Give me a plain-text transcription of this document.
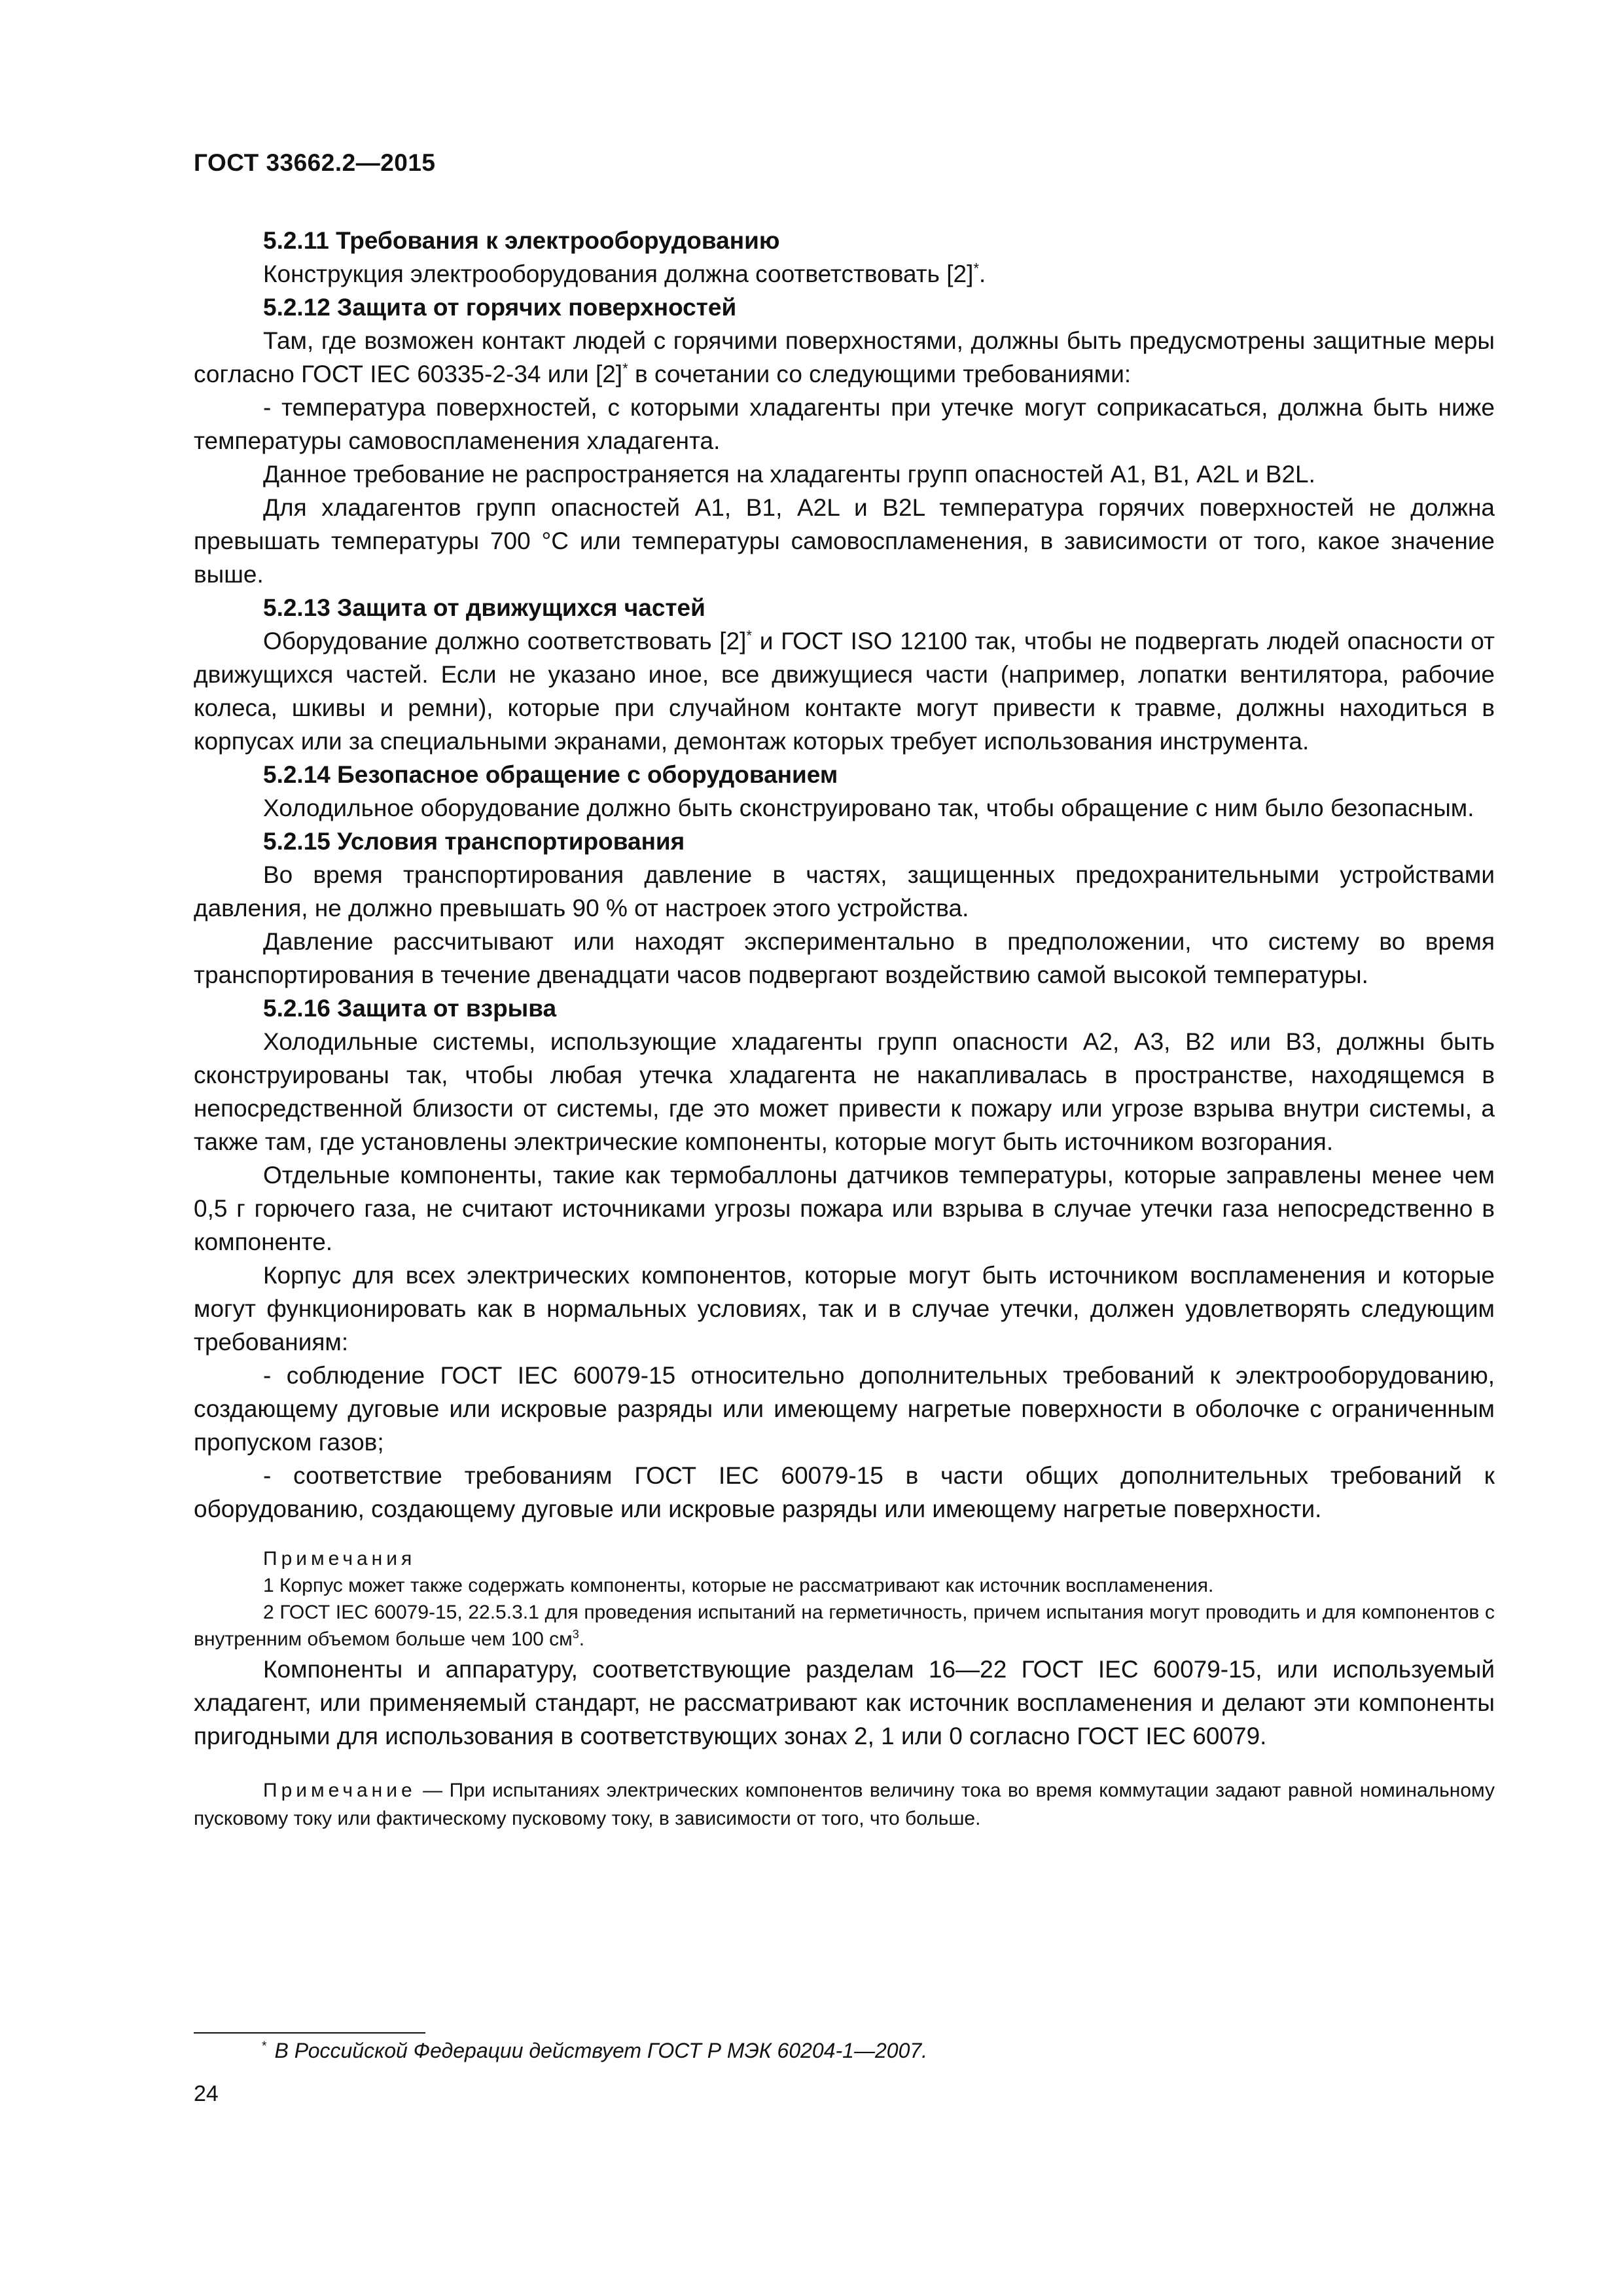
ГОСТ 33662.2—2015

5.2.11 Требования к электрооборудованию

Конструкция электрооборудования должна соответствовать [2]*.

5.2.12 Защита от горячих поверхностей

Там, где возможен контакт людей с горячими поверхностями, должны быть предусмотрены защитные меры согласно ГОСТ IEC 60335-2-34 или [2]* в сочетании со следующими требованиями:

- температура поверхностей, с которыми хладагенты при утечке могут соприкасаться, должна быть ниже температуры самовоспламенения хладагента.

Данное требование не распространяется на хладагенты групп опасностей А1, В1, А2L и В2L.

Для хладагентов групп опасностей А1, В1, А2L и В2L температура горячих поверхностей не должна превышать температуры 700 °С или температуры самовоспламенения, в зависимости от того, какое значение выше.

5.2.13 Защита от движущихся частей

Оборудование должно соответствовать [2]* и ГОСТ ISO 12100 так, чтобы не подвергать людей опасности от движущихся частей. Если не указано иное, все движущиеся части (например, лопатки вентилятора, рабочие колеса, шкивы и ремни), которые при случайном контакте могут привести к травме, должны находиться в корпусах или за специальными экранами, демонтаж которых требует использования инструмента.

5.2.14 Безопасное обращение с оборудованием

Холодильное оборудование должно быть сконструировано так, чтобы обращение с ним было безопасным.

5.2.15 Условия транспортирования

Во время транспортирования давление в частях, защищенных предохранительными устройствами давления, не должно превышать 90 % от настроек этого устройства.

Давление рассчитывают или находят экспериментально в предположении, что систему во время транспортирования в течение двенадцати часов подвергают воздействию самой высокой температуры.

5.2.16 Защита от взрыва

Холодильные системы, использующие хладагенты групп опасности А2, А3, В2 или В3, должны быть сконструированы так, чтобы любая утечка хладагента не накапливалась в пространстве, находящемся в непосредственной близости от системы, где это может привести к пожару или угрозе взрыва внутри системы, а также там, где установлены электрические компоненты, которые могут быть источником возгорания.

Отдельные компоненты, такие как термобаллоны датчиков температуры, которые заправлены менее чем 0,5 г горючего газа, не считают источниками угрозы пожара или взрыва в случае утечки газа непосредственно в компоненте.

Корпус для всех электрических компонентов, которые могут быть источником воспламенения и которые могут функционировать как в нормальных условиях, так и в случае утечки, должен удовлетворять следующим требованиям:

- соблюдение ГОСТ IEC 60079-15 относительно дополнительных требований к электрооборудованию, создающему дуговые или искровые разряды или имеющему нагретые поверхности в оболочке с ограниченным пропуском газов;

- соответствие требованиям ГОСТ IEC 60079-15 в части общих дополнительных требований к оборудованию, создающему дуговые или искровые разряды или имеющему нагретые поверхности.

Примечания

1 Корпус может также содержать компоненты, которые не рассматривают как источник воспламенения.

2 ГОСТ IEC 60079-15, 22.5.3.1 для проведения испытаний на герметичность, причем испытания могут проводить и для компонентов с внутренним объемом больше чем 100 $см^3$.

Компоненты и аппаратуру, соответствующие разделам 16—22 ГОСТ IEC 60079-15, или используемый хладагент, или применяемый стандарт, не рассматривают как источник воспламенения и делают эти компоненты пригодными для использования в соответствующих зонах 2, 1 или 0 согласно ГОСТ IEC 60079.

Примечание — При испытаниях электрических компонентов величину тока во время коммутации задают равной номинальному пусковому току или фактическому пусковому току, в зависимости от того, что больше.

* В Российской Федерации действует ГОСТ Р МЭК 60204-1—2007.
24
